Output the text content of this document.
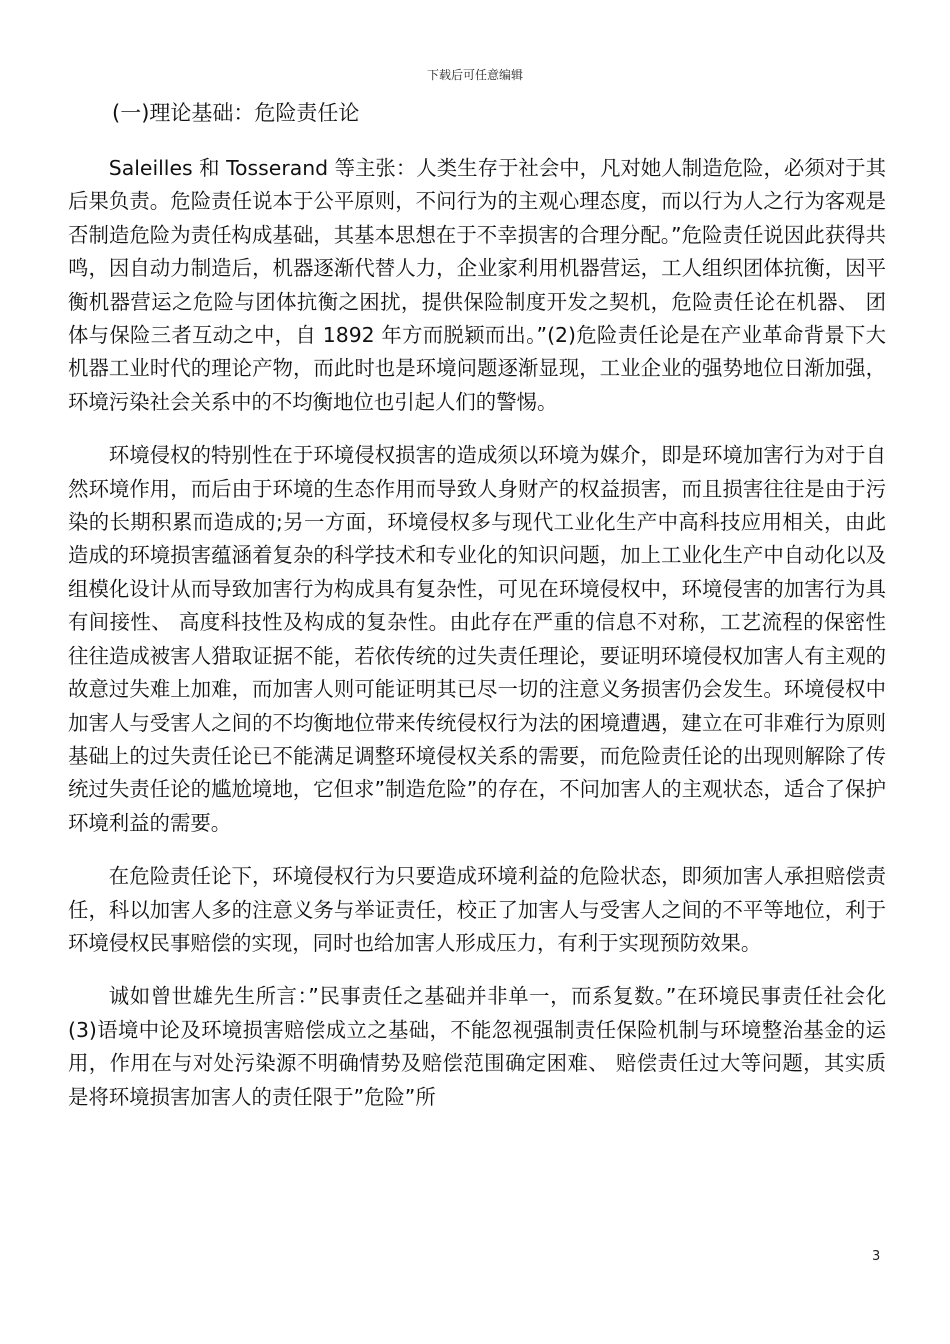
下载后可任意编辑
(一)理论基础：危险责任论

Saleilles 和 Tosserand 等主张：人类生存于社会中，凡对她人制造危险，必须对于其后果负责。危险责任说本于公平原则，不问行为的主观心理态度，而以行为人之行为客观是否制造危险为责任构成基础，其基本思想在于不幸损害的合理分配。”危险责任说因此获得共鸣，因自动力制造后，机器逐渐代替人力，企业家利用机器营运，工人组织团体抗衡，因平衡机器营运之危险与团体抗衡之困扰，提供保险制度开发之契机，危险责任论在机器、 团体与保险三者互动之中，自 1892 年方而脱颖而出。”(2)危险责任论是在产业革命背景下大机器工业时代的理论产物，而此时也是环境问题逐渐显现，工业企业的强势地位日渐加强，环境污染社会关系中的不均衡地位也引起人们的警惕。

环境侵权的特别性在于环境侵权损害的造成须以环境为媒介，即是环境加害行为对于自然环境作用，而后由于环境的生态作用而导致人身财产的权益损害，而且损害往往是由于污染的长期积累而造成的;另一方面，环境侵权多与现代工业化生产中高科技应用相关，由此造成的环境损害蕴涵着复杂的科学技术和专业化的知识问题，加上工业化生产中自动化以及组模化设计从而导致加害行为构成具有复杂性，可见在环境侵权中，环境侵害的加害行为具有间接性、 高度科技性及构成的复杂性。由此存在严重的信息不对称，工艺流程的保密性往往造成被害人猎取证据不能，若依传统的过失责任理论，要证明环境侵权加害人有主观的故意过失难上加难，而加害人则可能证明其已尽一切的注意义务损害仍会发生。环境侵权中加害人与受害人之间的不均衡地位带来传统侵权行为法的困境遭遇，建立在可非难行为原则基础上的过失责任论已不能满足调整环境侵权关系的需要，而危险责任论的出现则解除了传统过失责任论的尴尬境地，它但求”制造危险”的存在，不问加害人的主观状态，适合了保护环境利益的需要。

在危险责任论下，环境侵权行为只要造成环境利益的危险状态，即须加害人承担赔偿责任，科以加害人多的注意义务与举证责任，校正了加害人与受害人之间的不平等地位，利于环境侵权民事赔偿的实现，同时也给加害人形成压力，有利于实现预防效果。

诚如曾世雄先生所言：”民事责任之基础并非单一，而系复数。”在环境民事责任社会化(3)语境中论及环境损害赔偿成立之基础，不能忽视强制责任保险机制与环境整治基金的运用，作用在与对处污染源不明确情势及赔偿范围确定困难、 赔偿责任过大等问题，其实质是将环境损害加害人的责任限于”危险”所

3
